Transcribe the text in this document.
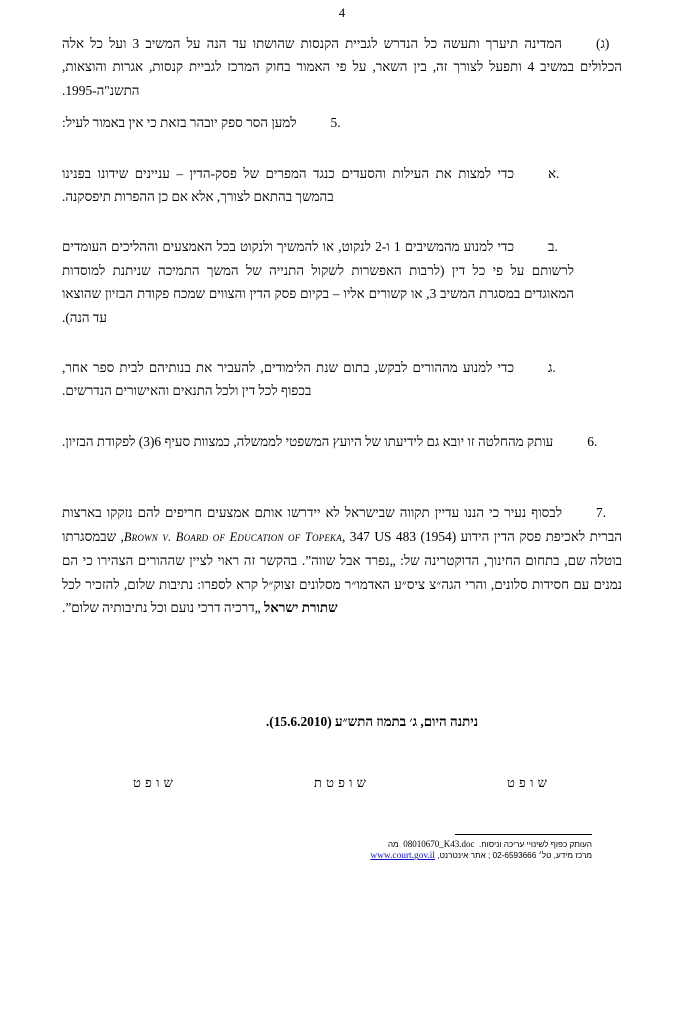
4

(ג)המדינה תיערך ותעשה כל הנדרש לגביית הקנסות שהושתו עד הנה על המשיב 3 ועל כל אלה הכלולים במשיב 4 ותפעל לצורך זה, בין השאר, על פי האמור בחוק המרכז לגביית קנסות, אגרות והוצאות, התשנ"ה-1995.

.5למען הסר ספק יובהר בזאת כי אין באמור לעיל:

.אכדי למצות את העילות והסעדים כנגד המפרים של פסק-הדין – עניינים שידונו בפנינו בהמשך בהתאם לצורך, אלא אם כן ההפרות תיפסקנה.

.בכדי למנוע מהמשיבים 1 ו-2 לנקוט, או להמשיך ולנקוט בכל האמצעים וההליכים העומדים לרשותם על פי כל דין (לרבות האפשרות לשקול התנייה של המשך התמיכה שניתנת למוסדות המאוגדים במסגרת המשיב 3, או קשורים אליו – בקיום פסק הדין והצווים שמכח פקודת הבזיון שהוצאו עד הנה).

.גכדי למנוע מההורים לבקש, בתום שנת הלימודים, להעביר את בנותיהם לבית ספר אחר, בכפוף לכל דין ולכל התנאים והאישורים הנדרשים.

.6עותק מהחלטה זו יובא גם לידיעתו של היועץ המשפטי לממשלה, כמצוות סעיף 6(3) לפקודת הבזיון.

.7לבסוף נעיר כי הננו עדיין תקווה שבישראל לא יידרשו אותם אמצעים חריפים להם נזקקו בארצות הברית לאכיפת פסק הדין הידוע Brown v. Board of Education of Topeka, 347 US 483 (1954), שבמסגרתו בוטלה שם, בתחום החינוך, הדוקטרינה של: „נפרד אבל שווה”. בהקשר זה ראוי לציין שההורים הצהירו כי הם נמנים עם חסידות סלונים, והרי הגה״צ ציס״ע האדמו״ר מסלונים זצוק״ל קרא לספרו: נתיבות שלום, להזכיר לכל שתורת ישראל „דרכיה דרכי נועם וכל נתיבותיה שלום”.

ניתנה היום, ג׳ בתמוז התש״ע (15.6.2010).
שופט
שופטת
שופט
העותק כפוף לשינויי עריכה וניסוח.  08010670_K43.doc  מה
מרכז מידע, טל׳ 02-6593666 ; אתר אינטרנט, www.court.gov.il
